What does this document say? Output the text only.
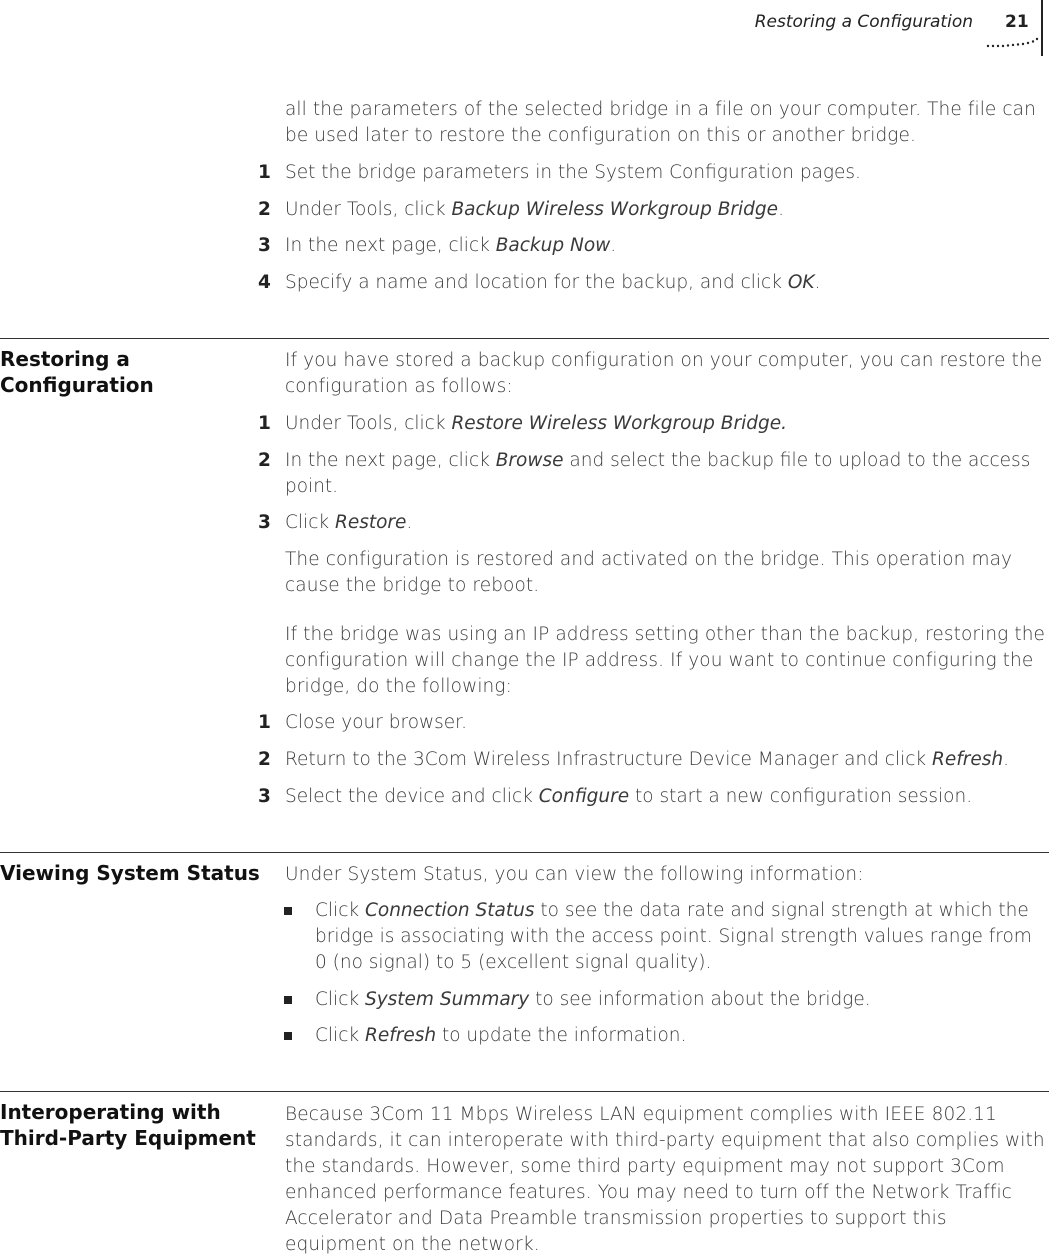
Restoring a Configuration 21
all the parameters of the selected bridge in a file on your computer. The file can be used later to restore the configuration on this or another bridge.
1 Set the bridge parameters in the System Configuration pages.
2 Under Tools, click Backup Wireless Workgroup Bridge.
3 In the next page, click Backup Now.
4 Specify a name and location for the backup, and click OK.
Restoring a Configuration
If you have stored a backup configuration on your computer, you can restore the configuration as follows:
1 Under Tools, click Restore Wireless Workgroup Bridge.
2 In the next page, click Browse and select the backup file to upload to the access point.
3 Click Restore.
The configuration is restored and activated on the bridge. This operation may cause the bridge to reboot.
If the bridge was using an IP address setting other than the backup, restoring the configuration will change the IP address. If you want to continue configuring the bridge, do the following:
1 Close your browser.
2 Return to the 3Com Wireless Infrastructure Device Manager and click Refresh.
3 Select the device and click Configure to start a new configuration session.
Viewing System Status	Under System Status, you can view the following information:
Click Connection Status to see the data rate and signal strength at which the bridge is associating with the access point. Signal strength values range from 0 (no signal) to 5 (excellent signal quality).
Click System Summary to see information about the bridge.
Click Refresh to update the information.
Interoperating with Third-Party Equipment
Because 3Com 11 Mbps Wireless LAN equipment complies with IEEE 802.11 standards, it can interoperate with third-party equipment that also complies with the standards. However, some third party equipment may not support 3Com enhanced performance features. You may need to turn off the Network Traffic Accelerator and Data Preamble transmission properties to support this equipment on the network.
